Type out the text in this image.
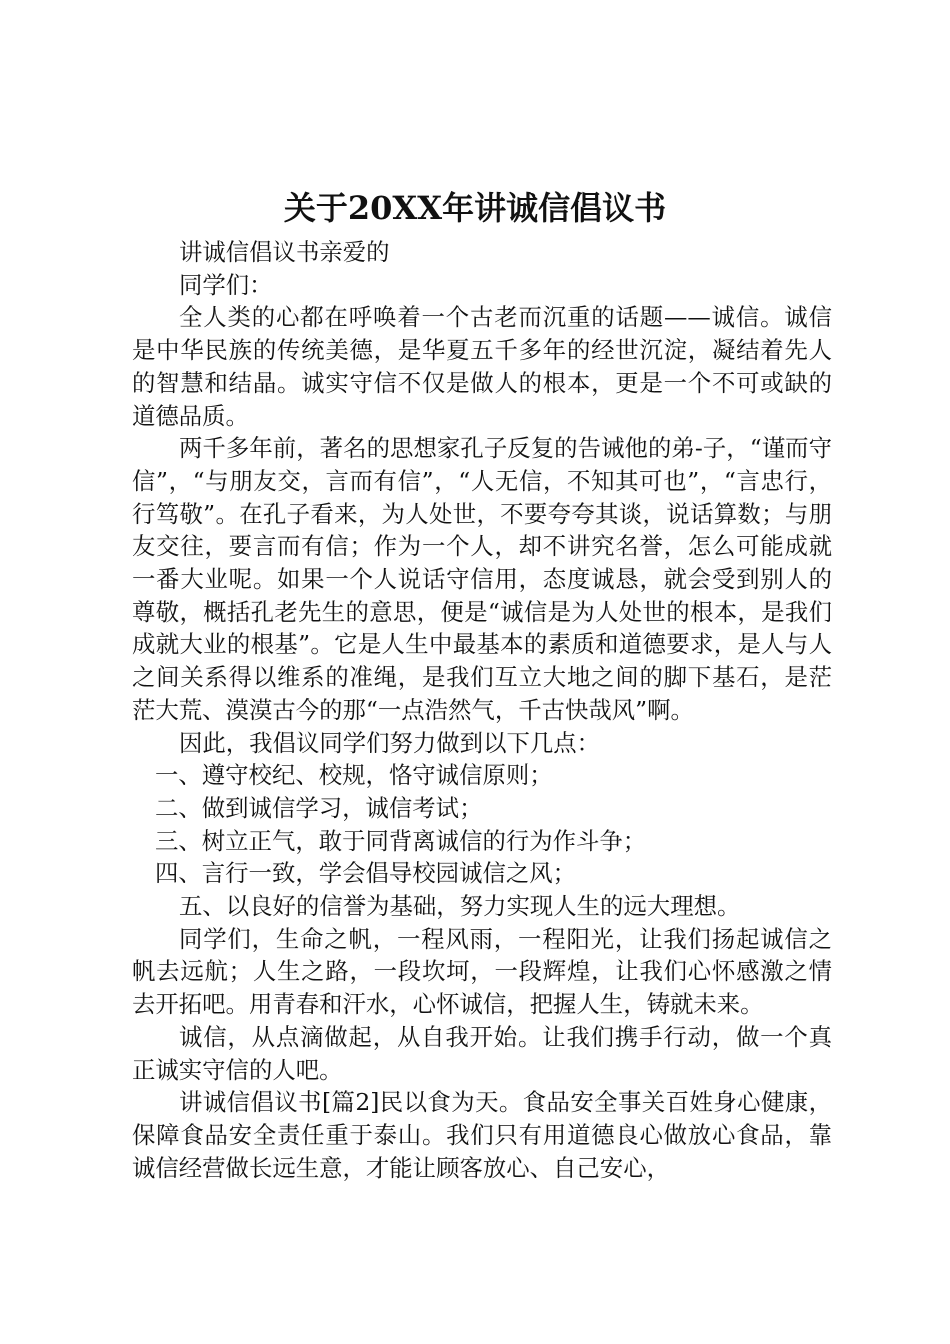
关于20XX年讲诚信倡议书

讲诚信倡议书亲爱的

同学们：

全人类的心都在呼唤着一个古老而沉重的话题——诚信。诚信是中华民族的传统美德，是华夏五千多年的经世沉淀，凝结着先人的智慧和结晶。诚实守信不仅是做人的根本，更是一个不可或缺的道德品质。

两千多年前，著名的思想家孔子反复的告诫他的弟-子，“谨而守信”，“与朋友交，言而有信”，“人无信，不知其可也”，“言忠行，行笃敬”。在孔子看来，为人处世，不要夸夸其谈，说话算数；与朋友交往，要言而有信；作为一个人，却不讲究名誉，怎么可能成就一番大业呢。如果一个人说话守信用，态度诚恳，就会受到别人的尊敬，概括孔老先生的意思，便是“诚信是为人处世的根本，是我们成就大业的根基”。它是人生中最基本的素质和道德要求，是人与人之间关系得以维系的准绳，是我们互立大地之间的脚下基石，是茫茫大荒、漠漠古今的那“一点浩然气，千古快哉风”啊。

因此，我倡议同学们努力做到以下几点：

一、遵守校纪、校规，恪守诚信原则；

二、做到诚信学习，诚信考试；

三、树立正气，敢于同背离诚信的行为作斗争；

四、言行一致，学会倡导校园诚信之风；

五、以良好的信誉为基础，努力实现人生的远大理想。

同学们，生命之帆，一程风雨，一程阳光，让我们扬起诚信之帆去远航；人生之路，一段坎坷，一段辉煌，让我们心怀感激之情去开拓吧。用青春和汗水，心怀诚信，把握人生，铸就未来。

诚信，从点滴做起，从自我开始。让我们携手行动，做一个真正诚实守信的人吧。

讲诚信倡议书[篇2]民以食为天。食品安全事关百姓身心健康，保障食品安全责任重于泰山。我们只有用道德良心做放心食品，靠诚信经营做长远生意，才能让顾客放心、自己安心，
